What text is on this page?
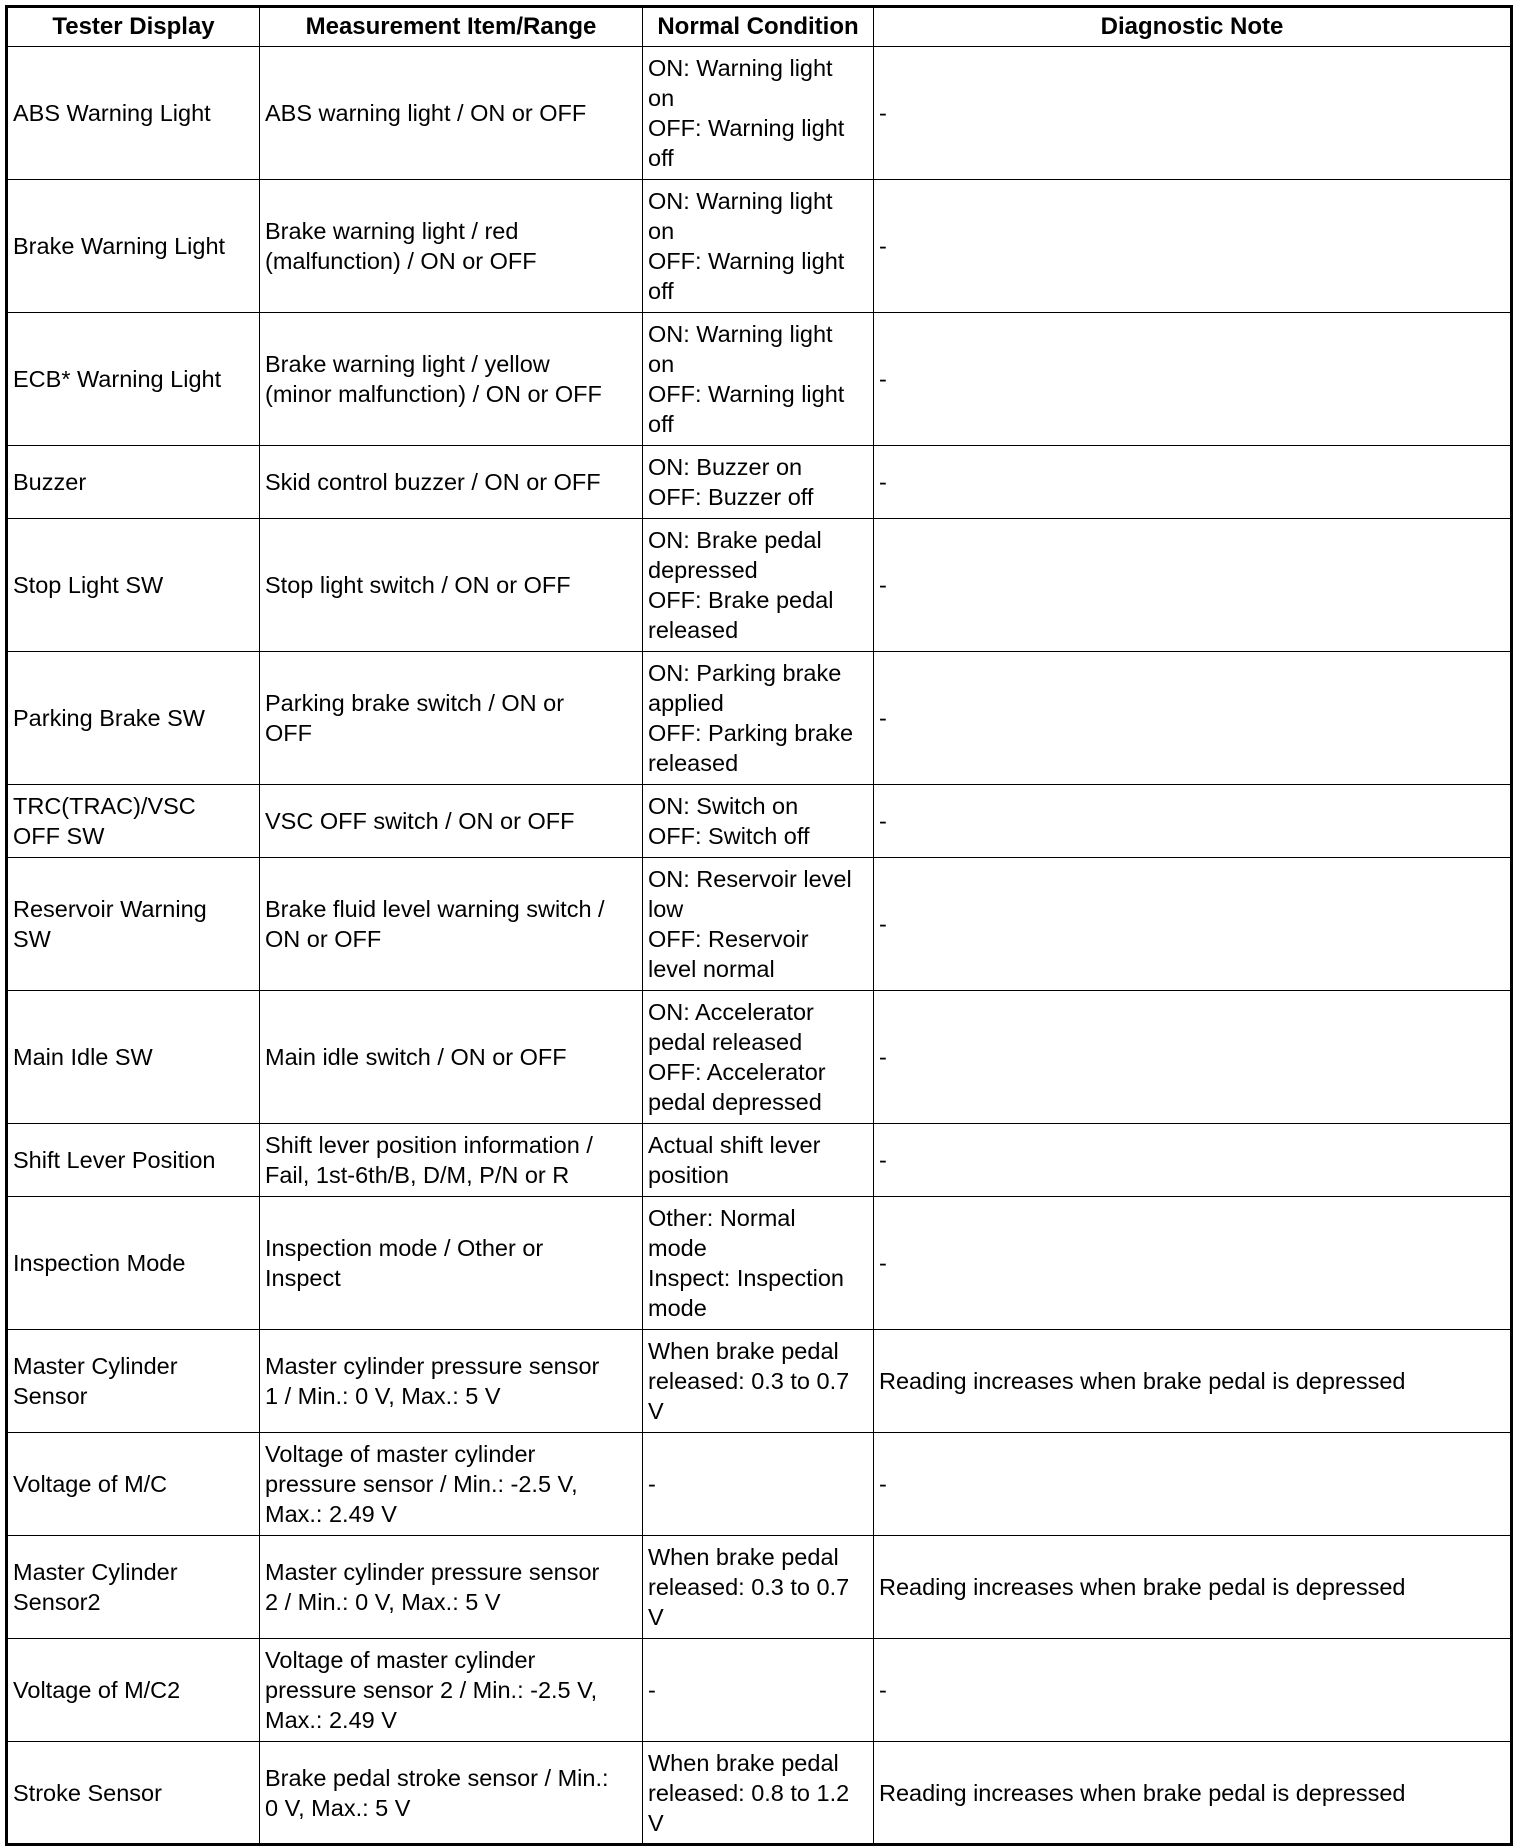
Tester Display	Measurement Item/Range	Normal Condition	Diagnostic Note
ABS Warning Light	ABS warning light / ON or OFF	ON: Warning light
on
OFF: Warning light
off	-
Brake Warning Light	Brake warning light / red
(malfunction) / ON or OFF	ON: Warning light
on
OFF: Warning light
off	-
ECB* Warning Light	Brake warning light / yellow
(minor malfunction) / ON or OFF	ON: Warning light
on
OFF: Warning light
off	-
Buzzer	Skid control buzzer / ON or OFF	ON: Buzzer on
OFF: Buzzer off	-
Stop Light SW	Stop light switch / ON or OFF	ON: Brake pedal
depressed
OFF: Brake pedal
released	-
Parking Brake SW	Parking brake switch / ON or
OFF	ON: Parking brake
applied
OFF: Parking brake
released	-
TRC(TRAC)/VSC
OFF SW	VSC OFF switch / ON or OFF	ON: Switch on
OFF: Switch off	-
Reservoir Warning
SW	Brake fluid level warning switch /
ON or OFF	ON: Reservoir level
low
OFF: Reservoir
level normal	-
Main Idle SW	Main idle switch / ON or OFF	ON: Accelerator
pedal released
OFF: Accelerator
pedal depressed	-
Shift Lever Position	Shift lever position information /
Fail, 1st-6th/B, D/M, P/N or R	Actual shift lever
position	-
Inspection Mode	Inspection mode / Other or
Inspect	Other: Normal
mode
Inspect: Inspection
mode	-
Master Cylinder
Sensor	Master cylinder pressure sensor
1 / Min.: 0 V, Max.: 5 V	When brake pedal
released: 0.3 to 0.7
V	Reading increases when brake pedal is depressed
Voltage of M/C	Voltage of master cylinder
pressure sensor / Min.: -2.5 V,
Max.: 2.49 V	-	-
Master Cylinder
Sensor2	Master cylinder pressure sensor
2 / Min.: 0 V, Max.: 5 V	When brake pedal
released: 0.3 to 0.7
V	Reading increases when brake pedal is depressed
Voltage of M/C2	Voltage of master cylinder
pressure sensor 2 / Min.: -2.5 V,
Max.: 2.49 V	-	-
Stroke Sensor	Brake pedal stroke sensor / Min.:
0 V, Max.: 5 V	When brake pedal
released: 0.8 to 1.2
V	Reading increases when brake pedal is depressed
